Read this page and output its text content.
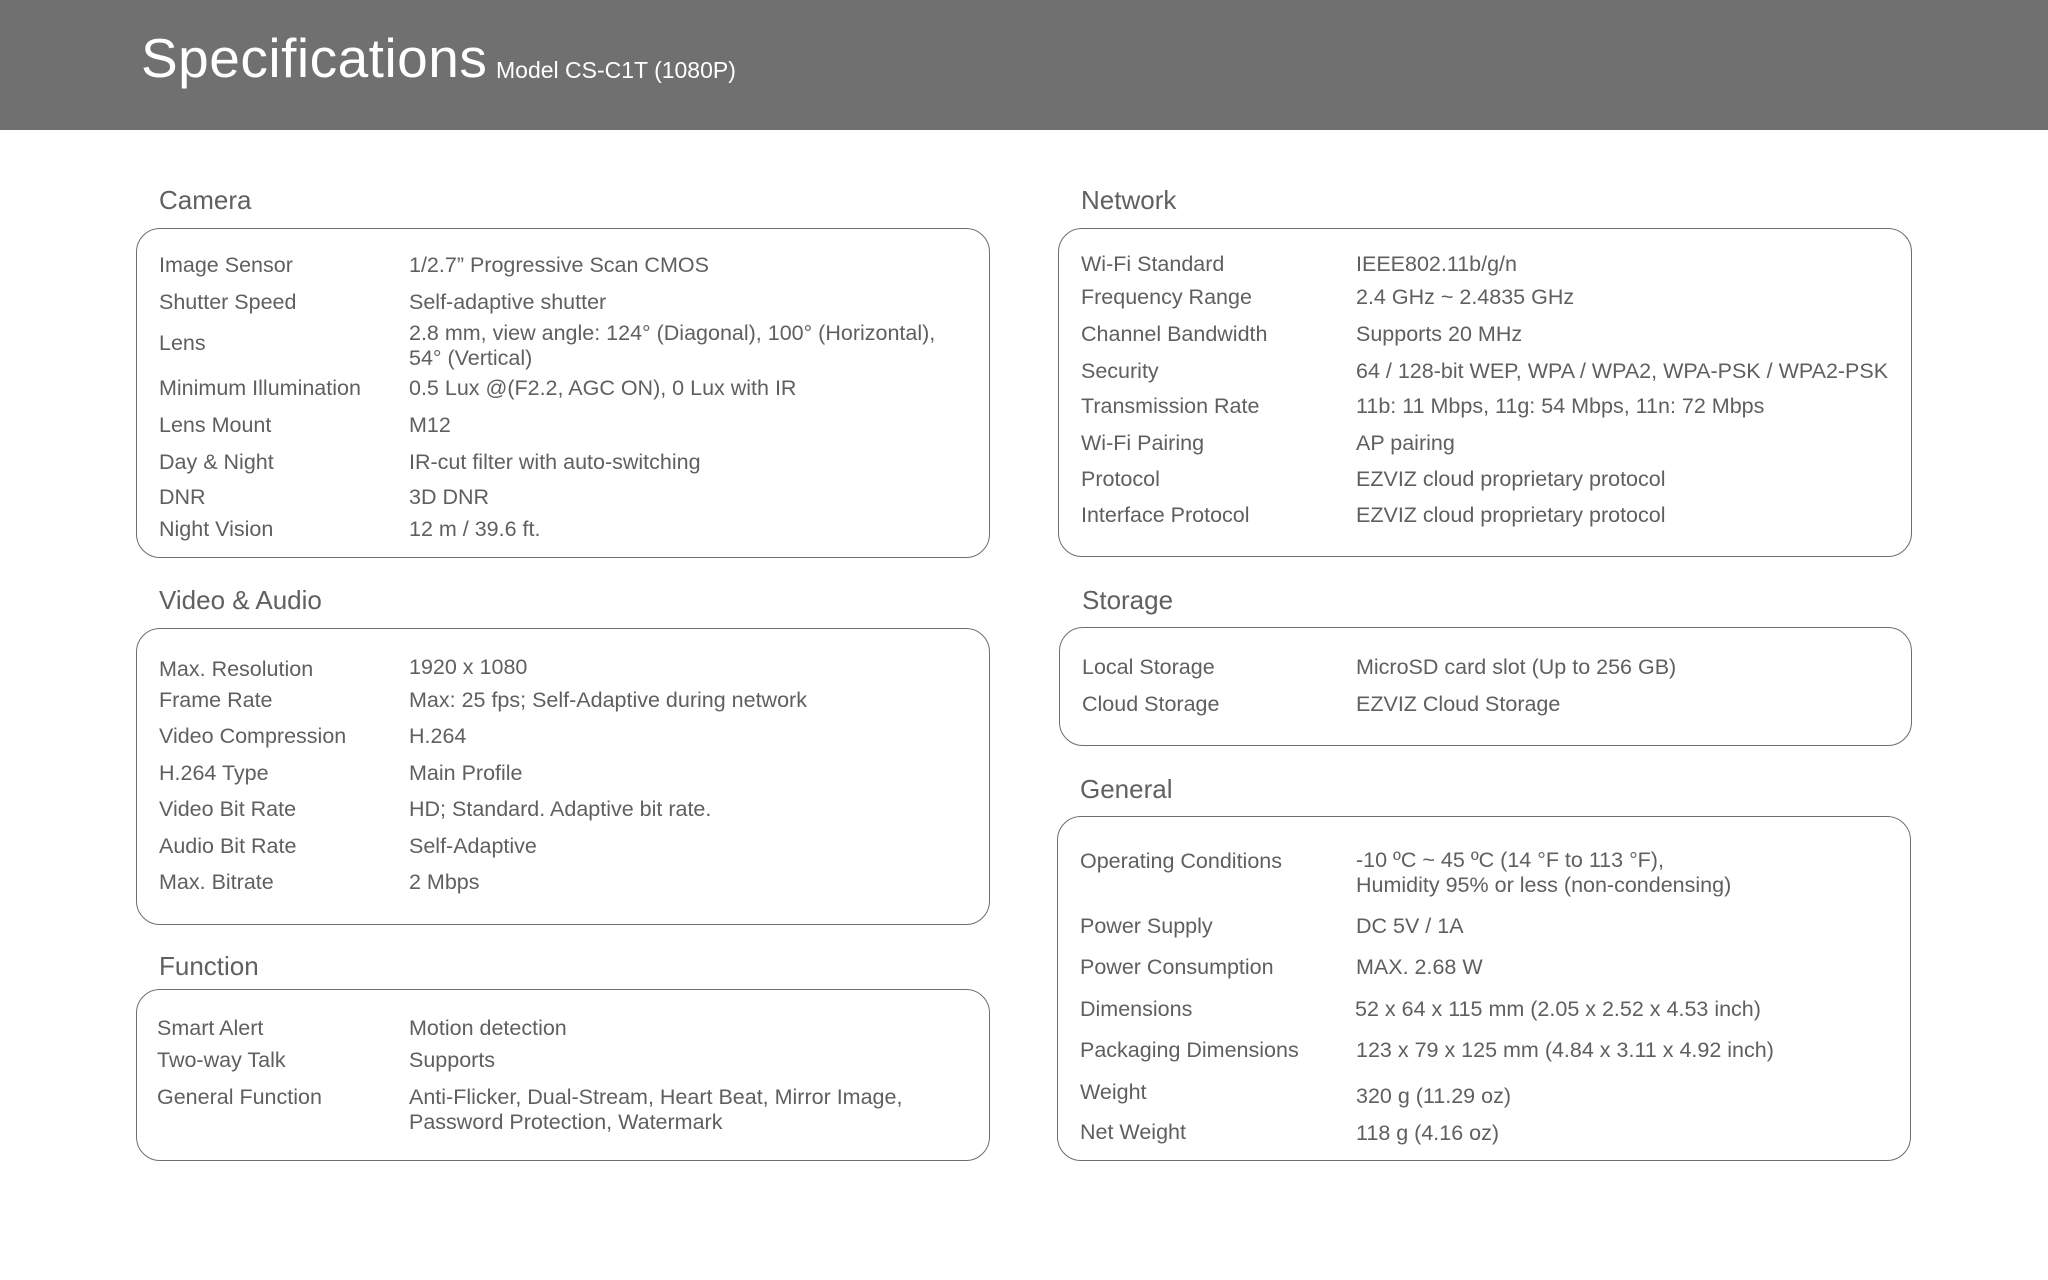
Specifications Model CS-C1T (1080P)
Camera
Image Sensor	1/2.7” Progressive Scan CMOS
Shutter Speed	Self-adaptive shutter
Lens	2.8 mm, view angle: 124° (Diagonal), 100° (Horizontal),
54° (Vertical)
Minimum Illumination 0.5 Lux @(F2.2, AGC ON), 0 Lux with IR
Lens Mount	M12
Day & Night	IR-cut filter with auto-switching
DNR	3D DNR
Night Vision	12 m / 39.6 ft.
Video & Audio
Max. Resolution	1920 x 1080
Frame Rate	Max: 25 fps; Self-Adaptive during network
Video Compression	H.264
H.264 Type	Main Profile
Video Bit Rate	HD; Standard. Adaptive bit rate.
Audio Bit Rate	Self-Adaptive
Max. Bitrate	2 Mbps
Function
Smart Alert	Motion detection
Two-way Talk	Supports
General Function	Anti-Flicker, Dual-Stream, Heart Beat, Mirror Image,
Password Protection, Watermark
Network
Wi-Fi Standard	IEEE802.11b/g/n
Frequency Range	2.4 GHz ~ 2.4835 GHz
Channel Bandwidth	Supports 20 MHz
Security	64 / 128-bit WEP, WPA / WPA2, WPA-PSK / WPA2-PSK
Transmission Rate	11b: 11 Mbps, 11g: 54 Mbps, 11n: 72 Mbps
Wi-Fi Pairing	AP pairing
Protocol	EZVIZ cloud proprietary protocol
Interface Protocol	EZVIZ cloud proprietary protocol
Storage
Local Storage	MicroSD card slot (Up to 256 GB)
Cloud Storage	EZVIZ Cloud Storage
General
Operating Conditions	-10 ºC ~ 45 ºC (14 °F to 113 °F),
Humidity 95% or less (non-condensing)
Power Supply	DC 5V / 1A
Power Consumption	MAX. 2.68 W
Dimensions	52 x 64 x 115 mm (2.05 x 2.52 x 4.53 inch)
Packaging Dimensions	123 x 79 x 125 mm (4.84 x 3.11 x 4.92 inch)
Weight	320 g (11.29 oz)
Net Weight	118 g (4.16 oz)
